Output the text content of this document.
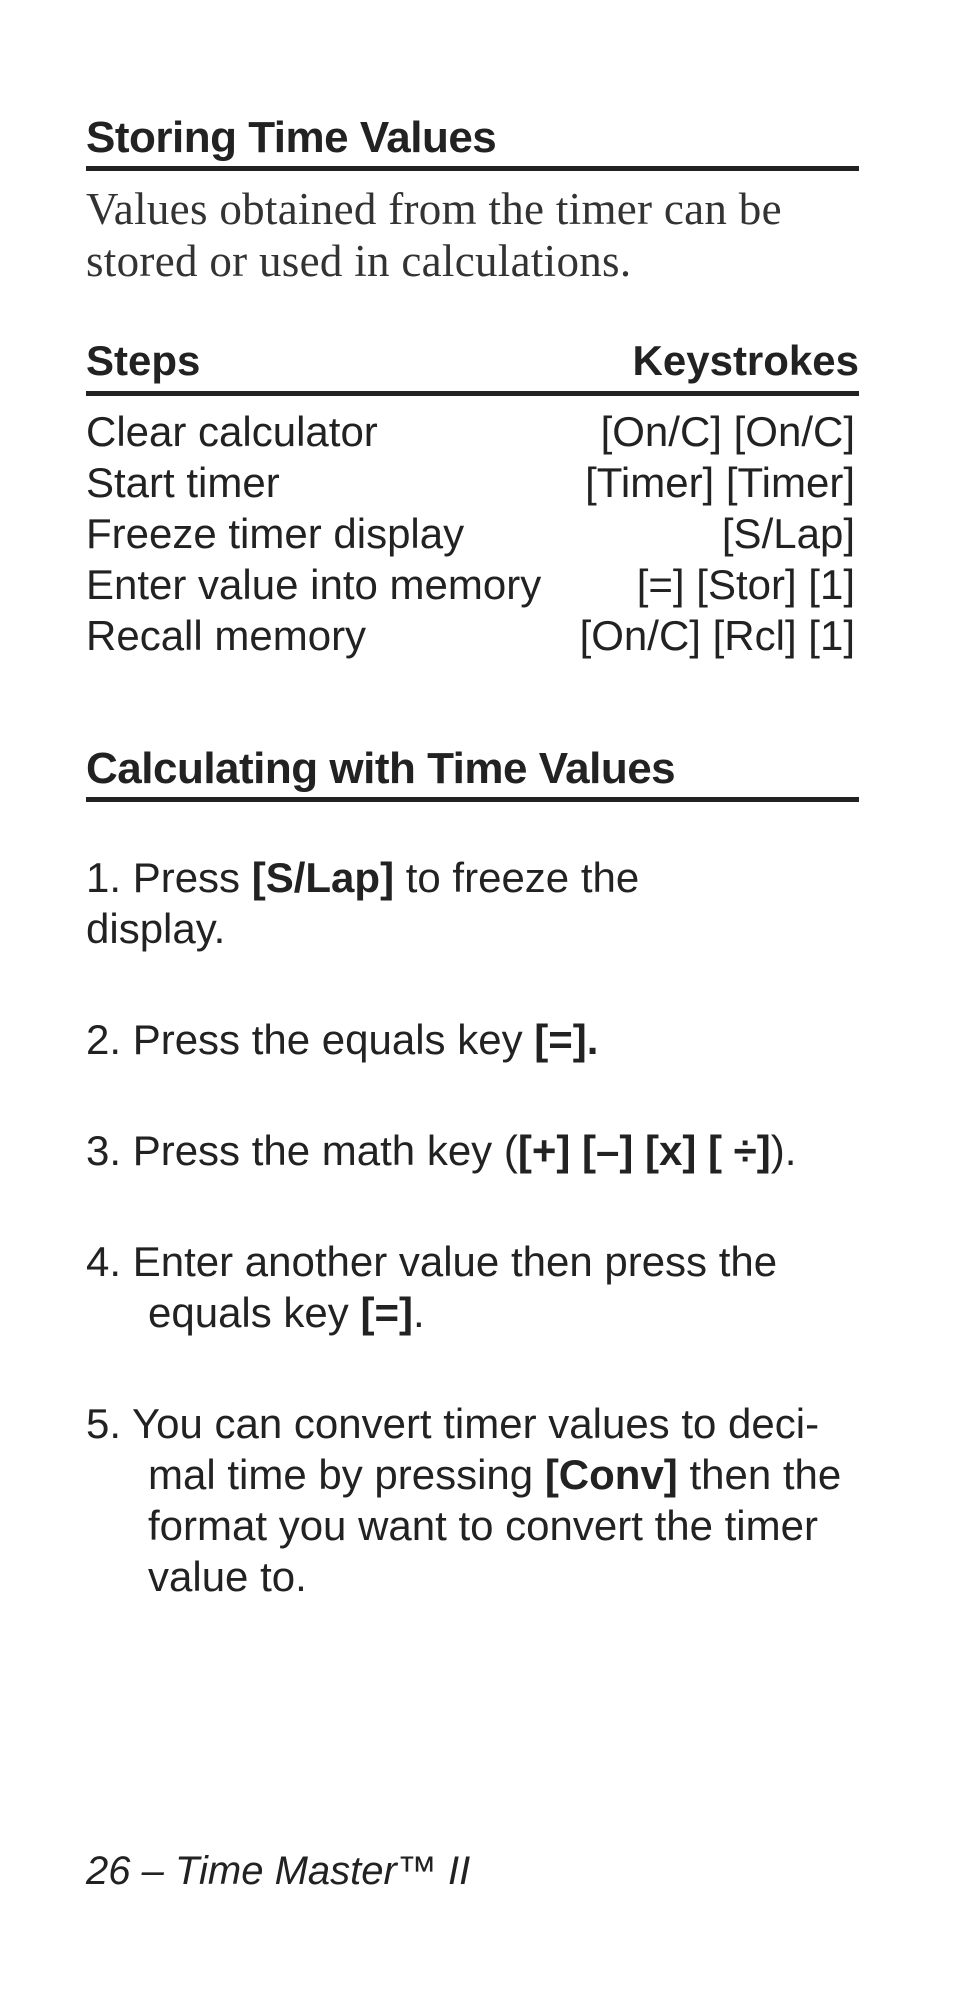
Storing Time Values
Values obtained from the timer can be
stored or used in calculations.
Steps	Keystrokes
Clear calculator	[On/C] [On/C]
Start timer	[Timer] [Timer]
Freeze timer display	[S/Lap]
Enter value into memory [=] [Stor] [1]
Recall memory	[On/C] [Rcl] [1]
Calculating with Time Values
1. Press [S/Lap] to freeze the
display.
2. Press the equals key [=].
3. Press the math key ([+] [–] [x] [ ÷]).
4. Enter another value then press the
equals key [=].
5. You can convert timer values to deci-
mal time by pressing [Conv] then the
format you want to convert the timer
value to.
26 – Time Master™ II
